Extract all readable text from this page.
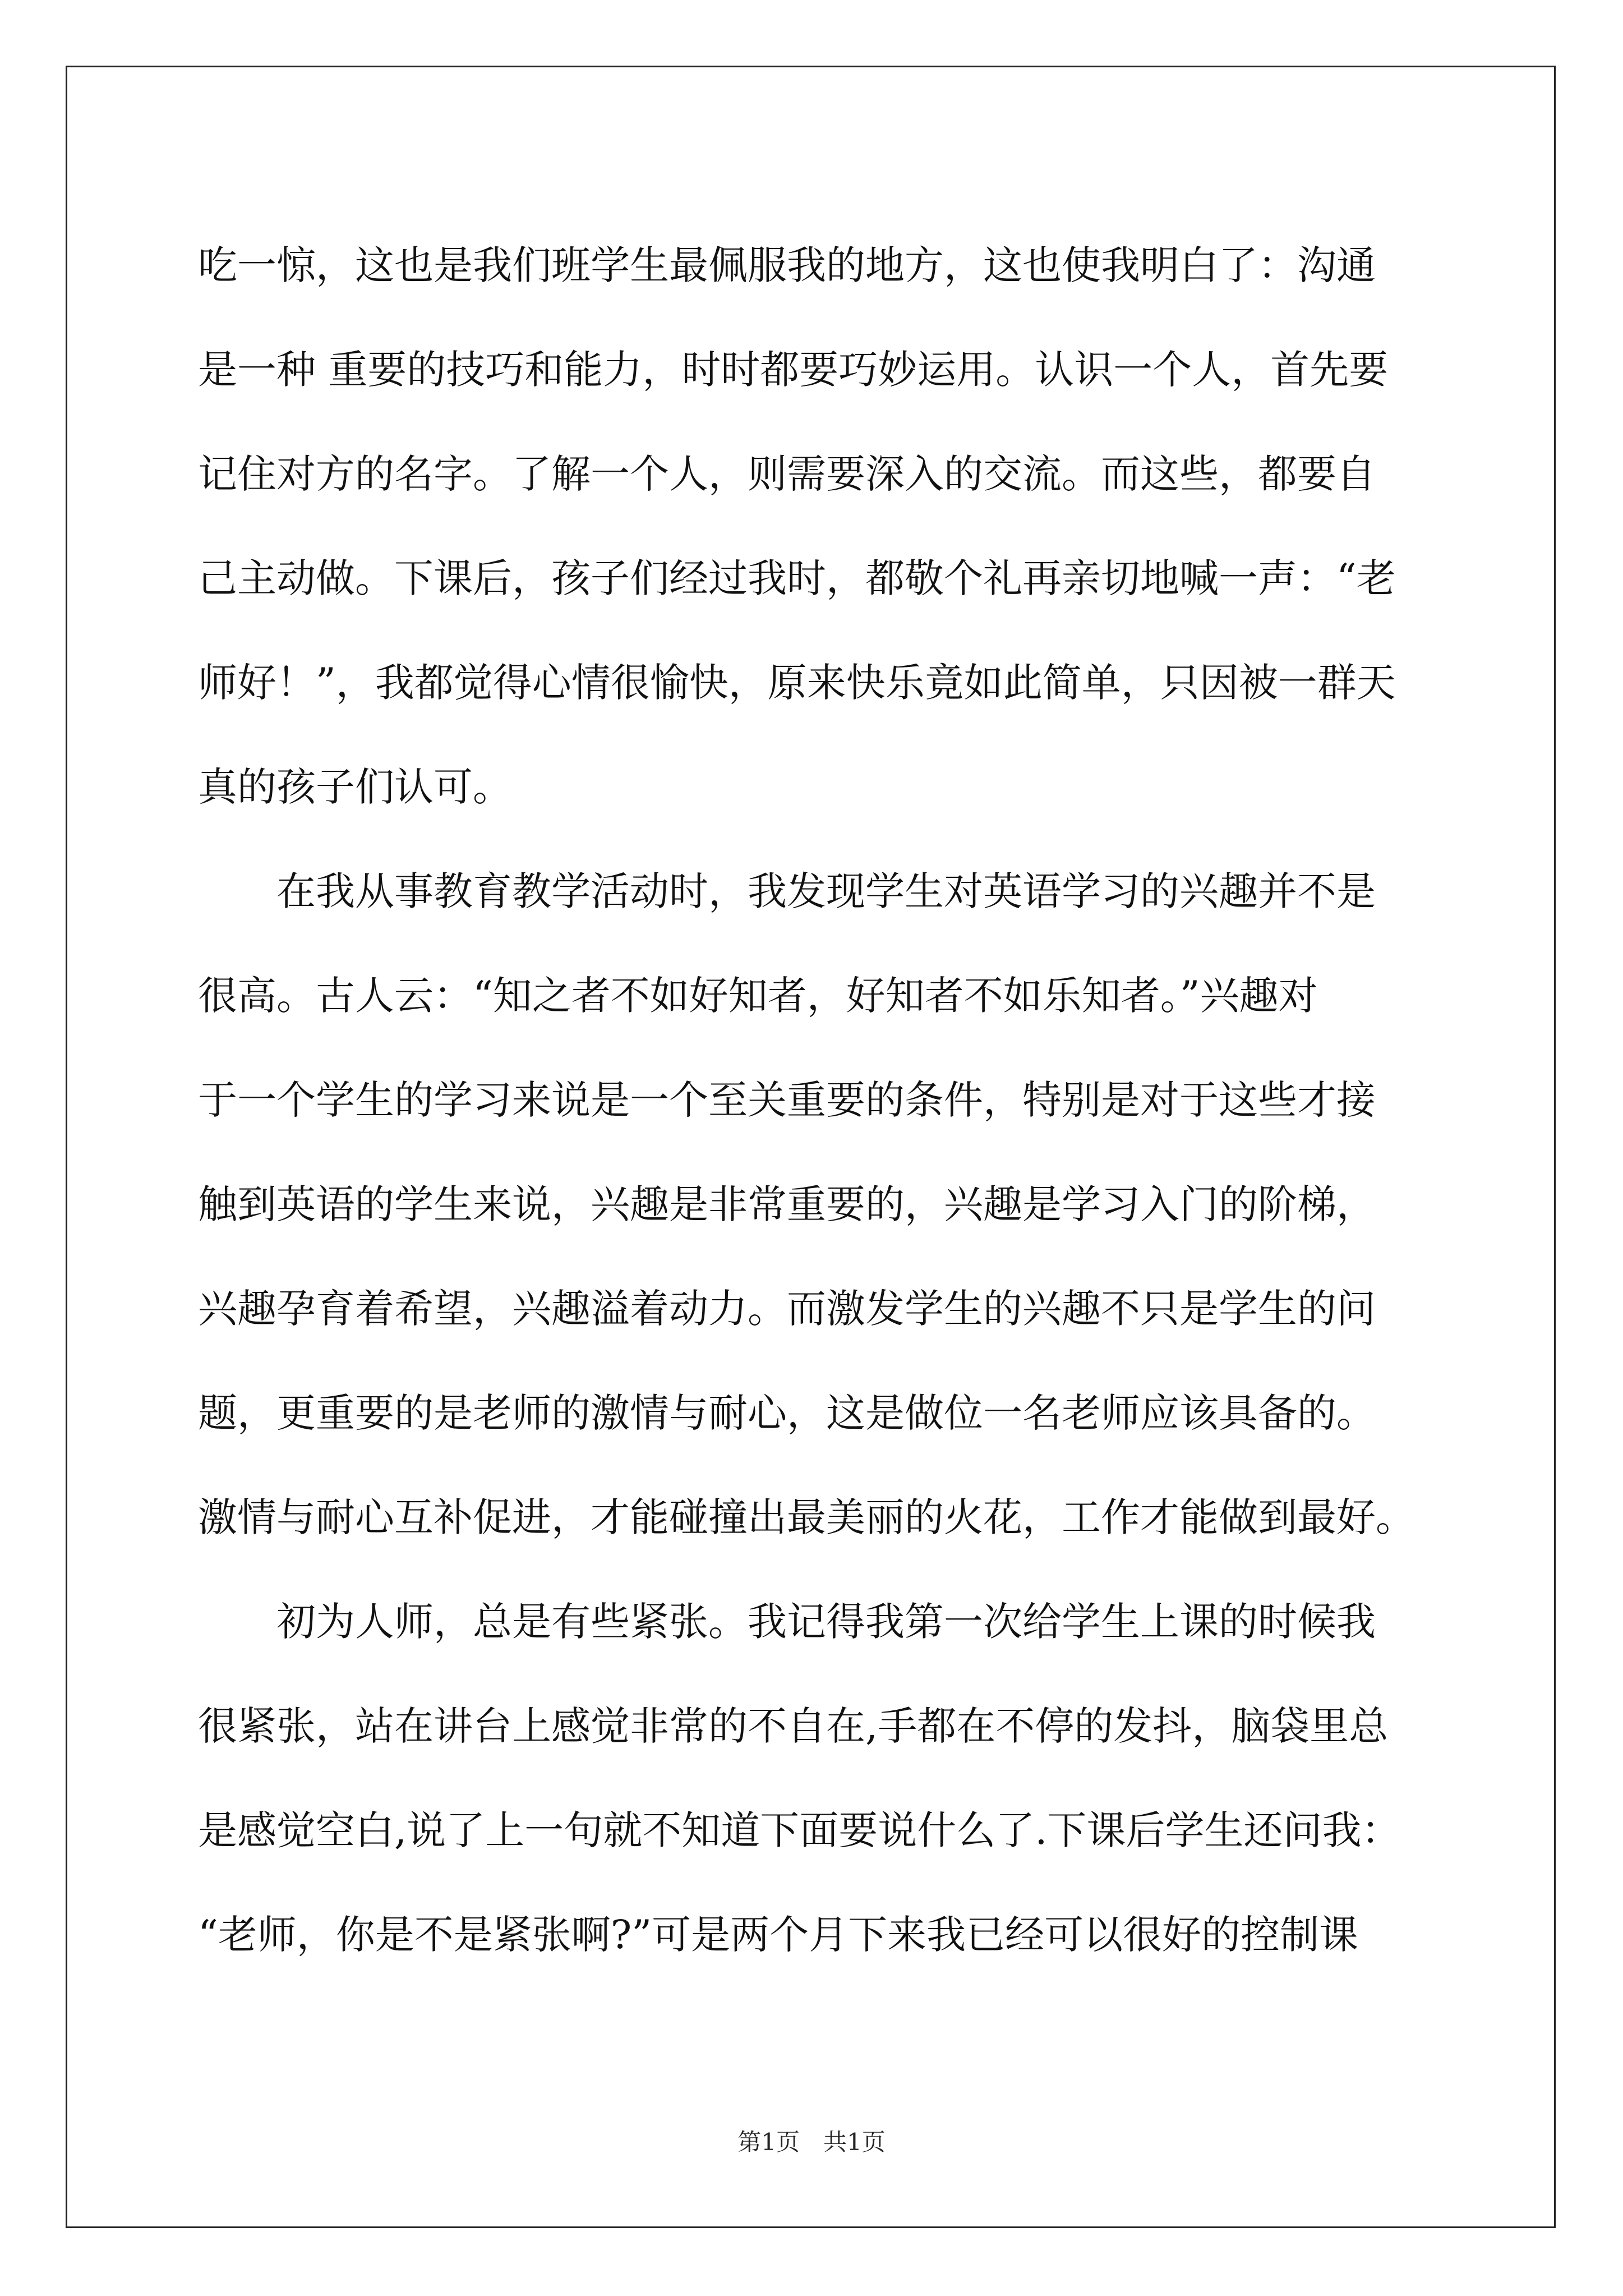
吃一惊，这也是我们班学生最佩服我的地方，这也使我明白了：沟通
是一种 重要的技巧和能力，时时都要巧妙运用。认识一个人，首先要
记住对方的名字。了解一个人，则需要深入的交流。而这些，都要自
己主动做。下课后，孩子们经过我时，都敬个礼再亲切地喊一声：“老
师好！”，我都觉得心情很愉快，原来快乐竟如此简单，只因被一群天
真的孩子们认可。
　　在我从事教育教学活动时，我发现学生对英语学习的兴趣并不是
很高。古人云：“知之者不如好知者，好知者不如乐知者。”兴趣对
于一个学生的学习来说是一个至关重要的条件，特别是对于这些才接
触到英语的学生来说，兴趣是非常重要的，兴趣是学习入门的阶梯，
兴趣孕育着希望，兴趣溢着动力。而激发学生的兴趣不只是学生的问
题，更重要的是老师的激情与耐心，这是做位一名老师应该具备的。
激情与耐心互补促进，才能碰撞出最美丽的火花，工作才能做到最好。
　　初为人师，总是有些紧张。我记得我第一次给学生上课的时候我
很紧张，站在讲台上感觉非常的不自在,手都在不停的发抖，脑袋里总
是感觉空白,说了上一句就不知道下面要说什么了.下课后学生还问我：
“老师，你是不是紧张啊?”可是两个月下来我已经可以很好的控制课
第1页　共1页
